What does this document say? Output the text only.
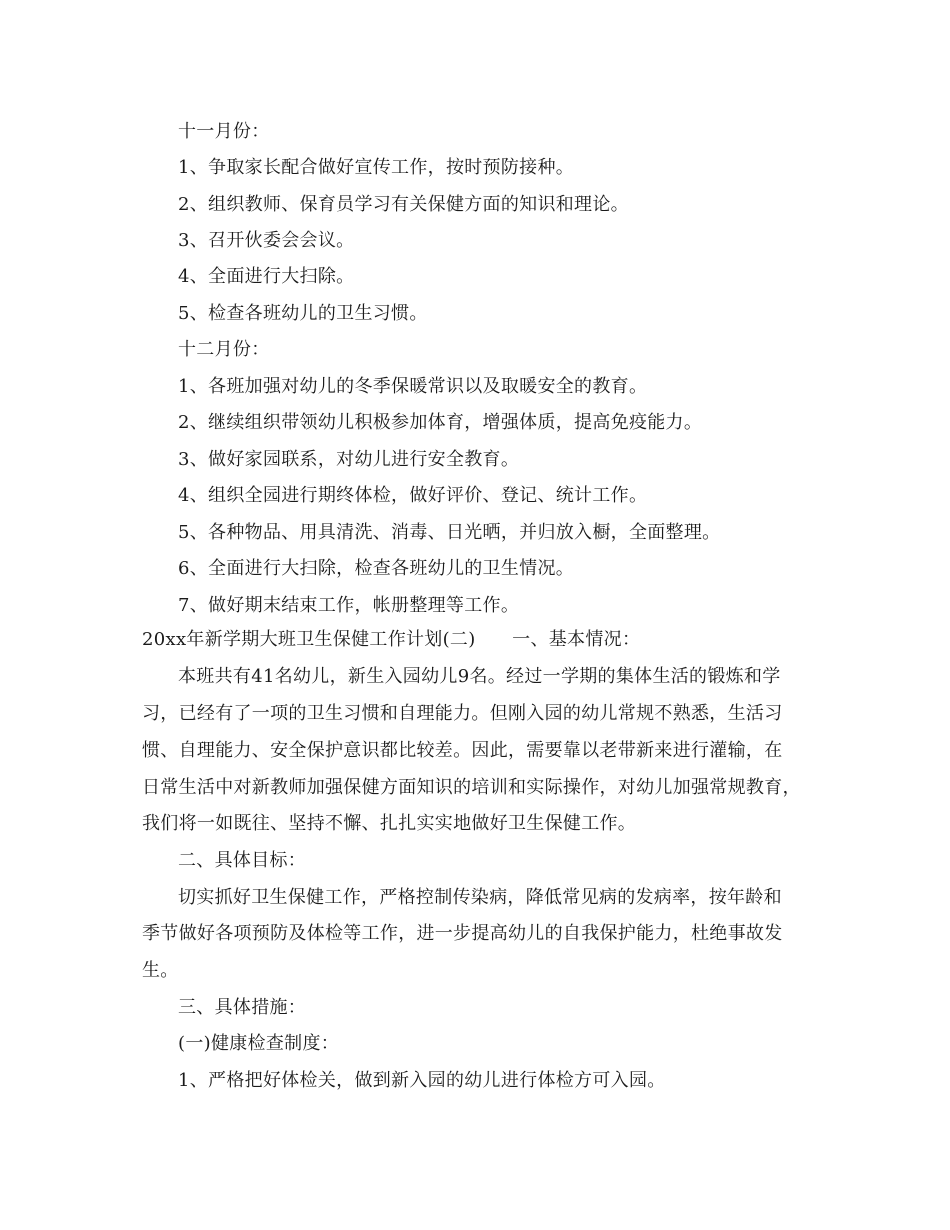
十一月份：
1、争取家长配合做好宣传工作，按时预防接种。
2、组织教师、保育员学习有关保健方面的知识和理论。
3、召开伙委会会议。
4、全面进行大扫除。
5、检查各班幼儿的卫生习惯。
十二月份：
1、各班加强对幼儿的冬季保暖常识以及取暖安全的教育。
2、继续组织带领幼儿积极参加体育，增强体质，提高免疫能力。
3、做好家园联系，对幼儿进行安全教育。
4、组织全园进行期终体检，做好评价、登记、统计工作。
5、各种物品、用具清洗、消毒、日光晒，并归放入橱，全面整理。
6、全面进行大扫除，检查各班幼儿的卫生情况。
7、做好期末结束工作，帐册整理等工作。
20xx年新学期大班卫生保健工作计划(二)　　一、基本情况：
本班共有41名幼儿，新生入园幼儿9名。经过一学期的集体生活的锻炼和学
习，已经有了一项的卫生习惯和自理能力。但刚入园的幼儿常规不熟悉，生活习
惯、自理能力、安全保护意识都比较差。因此，需要靠以老带新来进行灌输，在
日常生活中对新教师加强保健方面知识的培训和实际操作，对幼儿加强常规教育，
我们将一如既往、坚持不懈、扎扎实实地做好卫生保健工作。
二、具体目标：
切实抓好卫生保健工作，严格控制传染病，降低常见病的发病率，按年龄和
季节做好各项预防及体检等工作，进一步提高幼儿的自我保护能力，杜绝事故发
生。
三、具体措施：
(一)健康检查制度：
1、严格把好体检关，做到新入园的幼儿进行体检方可入园。
